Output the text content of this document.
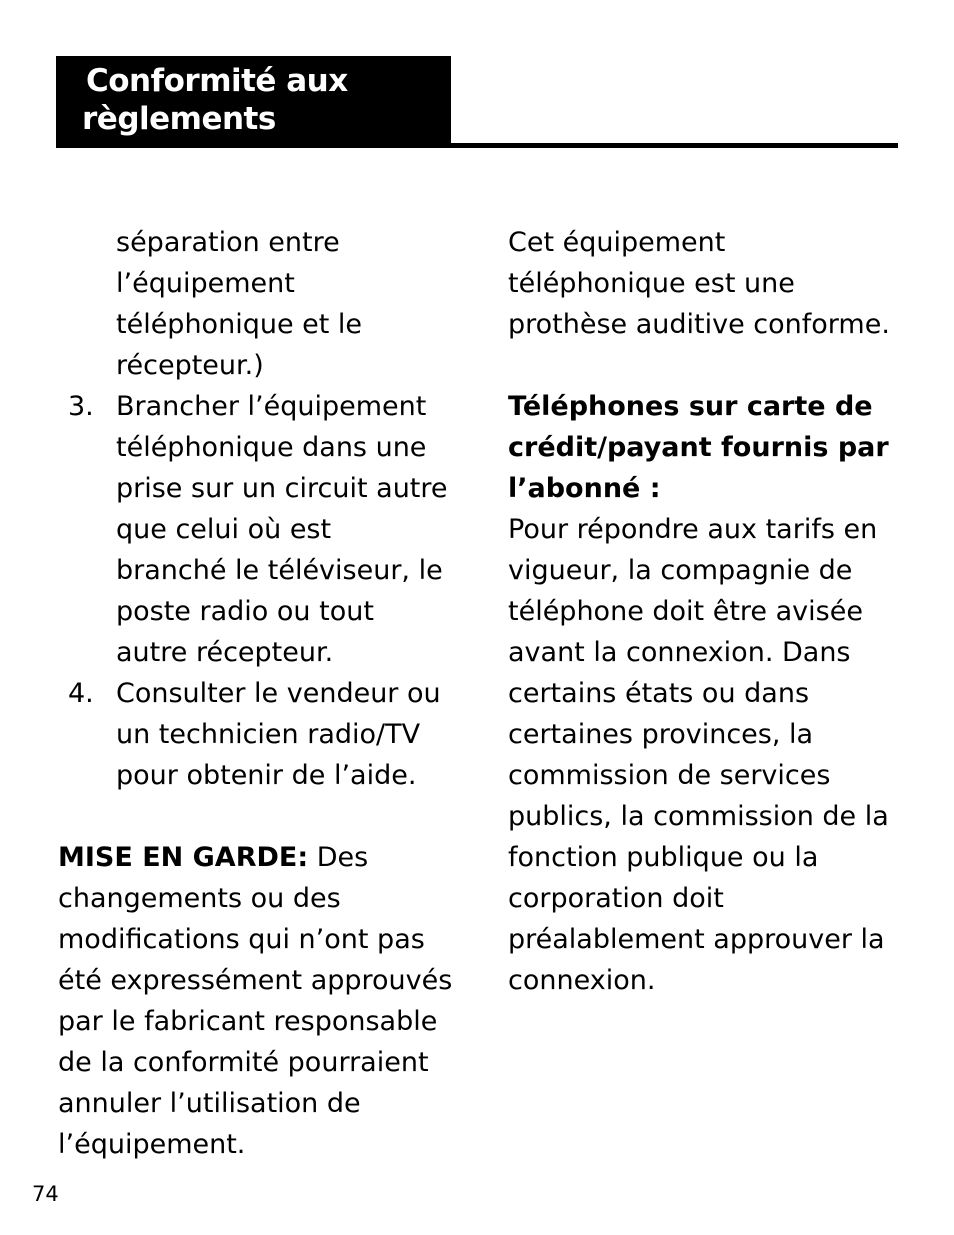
Conformité aux
règlements
séparation entre
l’équipement
téléphonique et le
récepteur.)
3. Brancher l’équipement
téléphonique dans une
prise sur un circuit autre
que celui où est
branché le téléviseur, le
poste radio ou tout
autre récepteur.
4. Consulter le vendeur ou
un technicien radio/TV
pour obtenir de l’aide.
MISE EN GARDE: Des
changements ou des
modifications qui n’ont pas
été expressément approuvés
par le fabricant responsable
de la conformité pourraient
annuler l’utilisation de
l’équipement.
Cet équipement
téléphonique est une
prothèse auditive conforme.
Téléphones sur carte de
crédit/payant fournis par
l’abonné :
Pour répondre aux tarifs en
vigueur, la compagnie de
téléphone doit être avisée
avant la connexion. Dans
certains états ou dans
certaines provinces, la
commission de services
publics, la commission de la
fonction publique ou la
corporation doit
préalablement approuver la
connexion.
74
